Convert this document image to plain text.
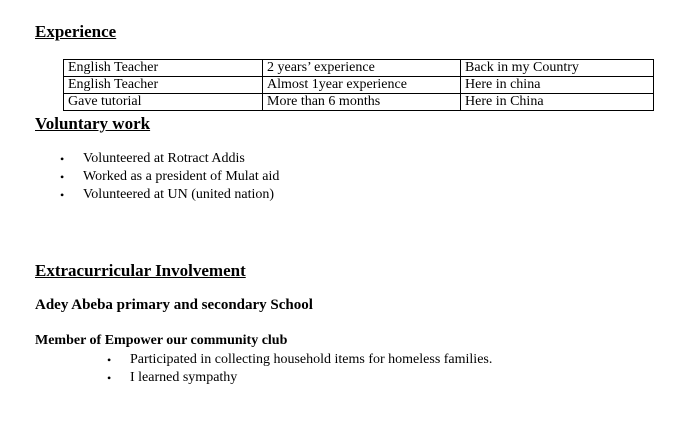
Experience
English Teacher	2 years’ experience	Back in my Country
English Teacher	Almost 1year experience	Here in china
Gave tutorial	More than 6 months	Here in China
Voluntary work
• Volunteered at Rotract Addis
• Worked as a president of Mulat aid
• Volunteered at UN (united nation)
Extracurricular Involvement
Adey Abeba primary and secondary School
Member of Empower our community club
• Participated in collecting household items for homeless families.
• I learned sympathy
